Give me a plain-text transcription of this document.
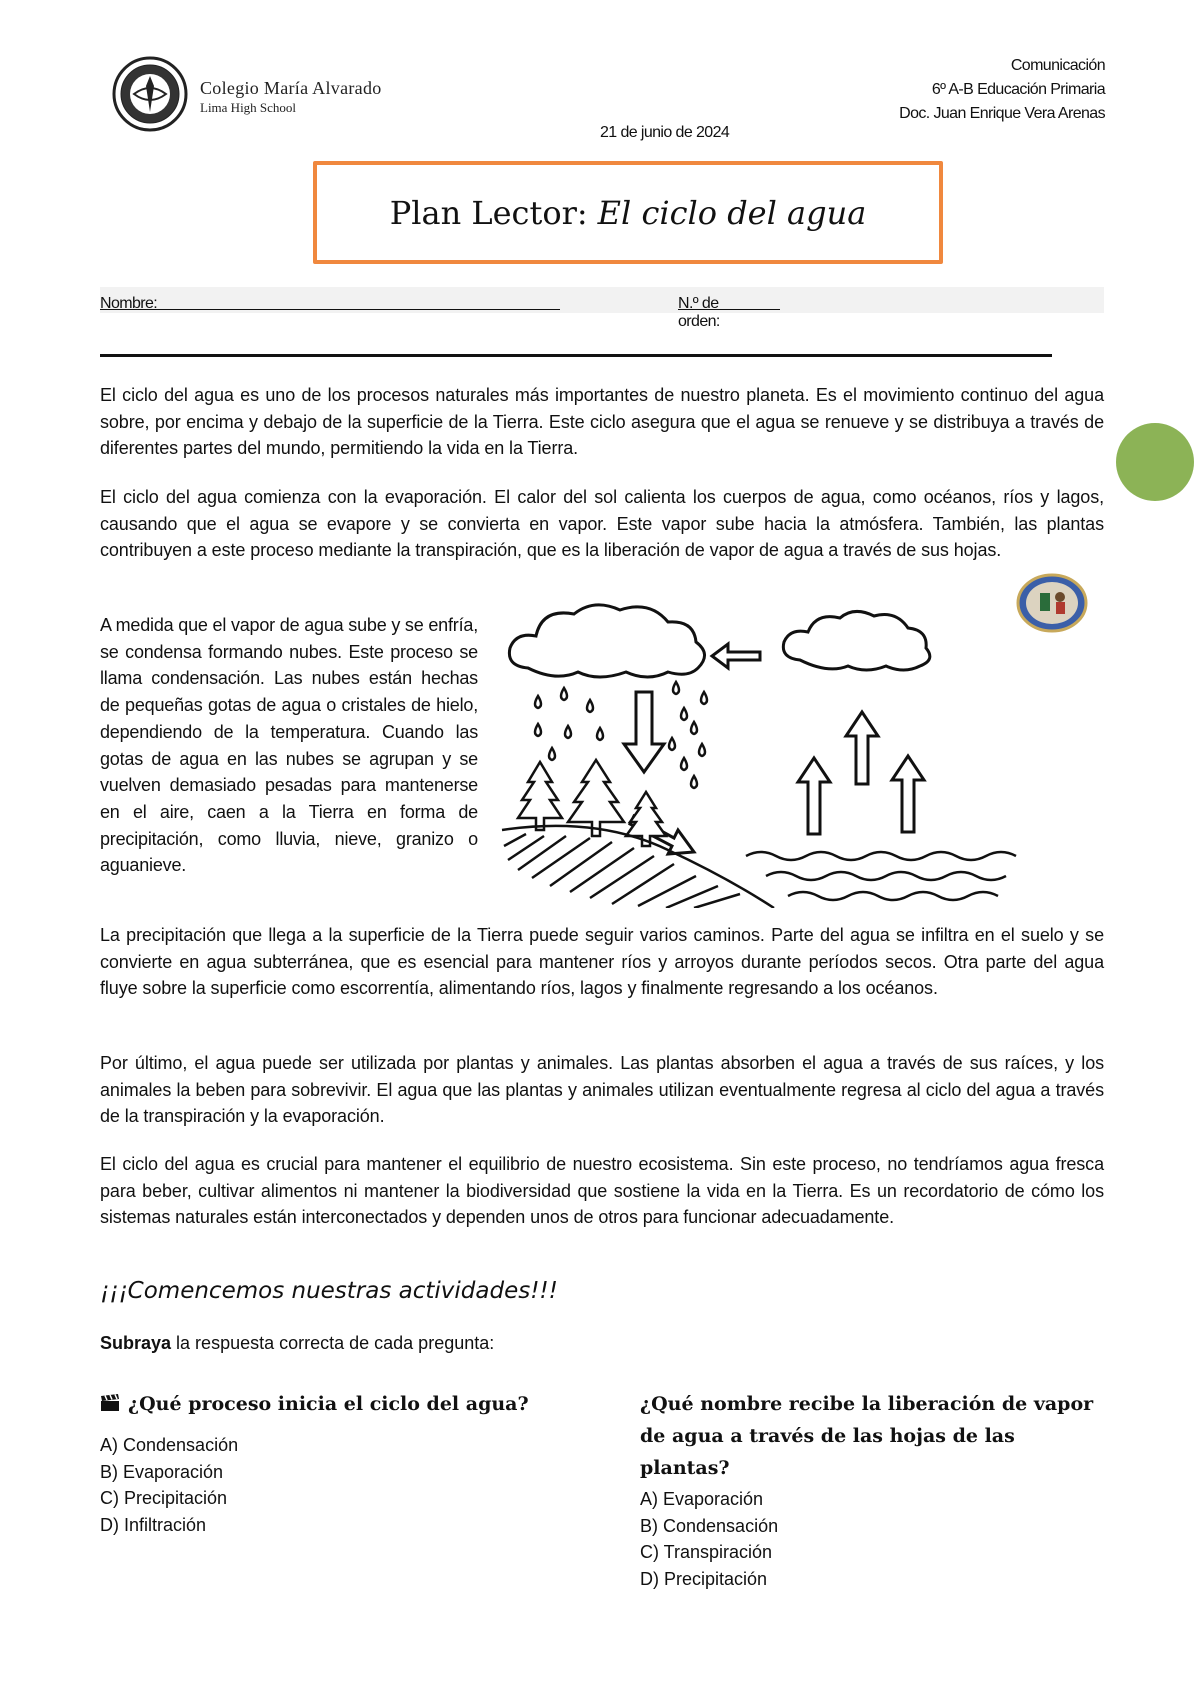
Colegio María Alvarado
Lima High School
Comunicación
6º A-B Educación Primaria
Doc. Juan Enrique Vera Arenas
21 de junio de 2024
Plan Lector: El ciclo del agua
Nombre:	N.º de orden:
El ciclo del agua es uno de los procesos naturales más importantes de nuestro planeta. Es el movimiento continuo del agua sobre, por encima y debajo de la superficie de la Tierra. Este ciclo asegura que el agua se renueve y se distribuya a través de diferentes partes del mundo, permitiendo la vida en la Tierra.
El ciclo del agua comienza con la evaporación. El calor del sol calienta los cuerpos de agua, como océanos, ríos y lagos, causando que el agua se evapore y se convierta en vapor. Este vapor sube hacia la atmósfera. También, las plantas contribuyen a este proceso mediante la transpiración, que es la liberación de vapor de agua a través de sus hojas.
A medida que el vapor de agua sube y se enfría, se condensa formando nubes. Este proceso se llama condensación. Las nubes están hechas de pequeñas gotas de agua o cristales de hielo, dependiendo de la temperatura. Cuando las gotas de agua en las nubes se agrupan y se vuelven demasiado pesadas para mantenerse en el aire, caen a la Tierra en forma de precipitación, como lluvia, nieve, granizo o aguanieve.
La precipitación que llega a la superficie de la Tierra puede seguir varios caminos. Parte del agua se infiltra en el suelo y se convierte en agua subterránea, que es esencial para mantener ríos y arroyos durante períodos secos. Otra parte del agua fluye sobre la superficie como escorrentía, alimentando ríos, lagos y finalmente regresando a los océanos.
Por último, el agua puede ser utilizada por plantas y animales. Las plantas absorben el agua a través de sus raíces, y los animales la beben para sobrevivir. El agua que las plantas y animales utilizan eventualmente regresa al ciclo del agua a través de la transpiración y la evaporación.
El ciclo del agua es crucial para mantener el equilibrio de nuestro ecosistema. Sin este proceso, no tendríamos agua fresca para beber, cultivar alimentos ni mantener la biodiversidad que sostiene la vida en la Tierra. Es un recordatorio de cómo los sistemas naturales están interconectados y dependen unos de otros para funcionar adecuadamente.
¡¡¡Comencemos nuestras actividades!!!
Subraya la respuesta correcta de cada pregunta:
¿Qué proceso inicia el ciclo del agua?
A) Condensación
B) Evaporación
C) Precipitación
D) Infiltración
¿Qué nombre recibe la liberación de vapor de agua a través de las hojas de las plantas?
A) Evaporación
B) Condensación
C) Transpiración
D) Precipitación
